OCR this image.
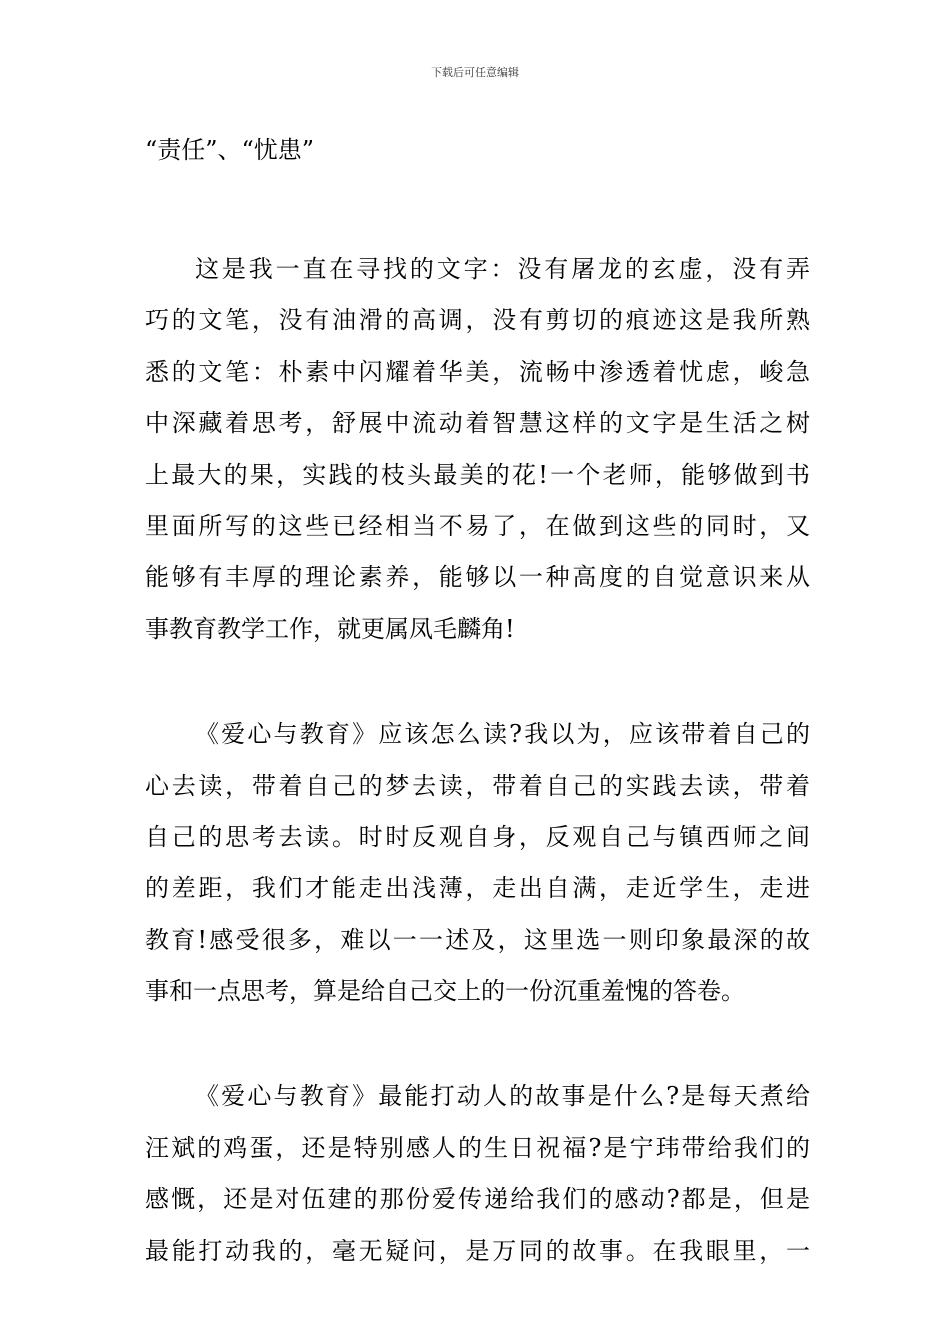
下载后可任意编辑

“责任”、“忧患”

这是我一直在寻找的文字：没有屠龙的玄虚，没有弄
巧的文笔，没有油滑的高调，没有剪切的痕迹这是我所熟
悉的文笔：朴素中闪耀着华美，流畅中渗透着忧虑，峻急
中深藏着思考，舒展中流动着智慧这样的文字是生活之树
上最大的果，实践的枝头最美的花!一个老师，能够做到书
里面所写的这些已经相当不易了，在做到这些的同时，又
能够有丰厚的理论素养，能够以一种高度的自觉意识来从
事教育教学工作，就更属凤毛麟角!
《爱心与教育》应该怎么读?我以为，应该带着自己的
心去读，带着自己的梦去读，带着自己的实践去读，带着
自己的思考去读。时时反观自身，反观自己与镇西师之间
的差距，我们才能走出浅薄，走出自满，走近学生，走进
教育!感受很多，难以一一述及，这里选一则印象最深的故
事和一点思考，算是给自己交上的一份沉重羞愧的答卷。
《爱心与教育》最能打动人的故事是什么?是每天煮给
汪斌的鸡蛋，还是特别感人的生日祝福?是宁玮带给我们的
感慨，还是对伍建的那份爱传递给我们的感动?都是，但是
最能打动我的，毫无疑问，是万同的故事。在我眼里，一
